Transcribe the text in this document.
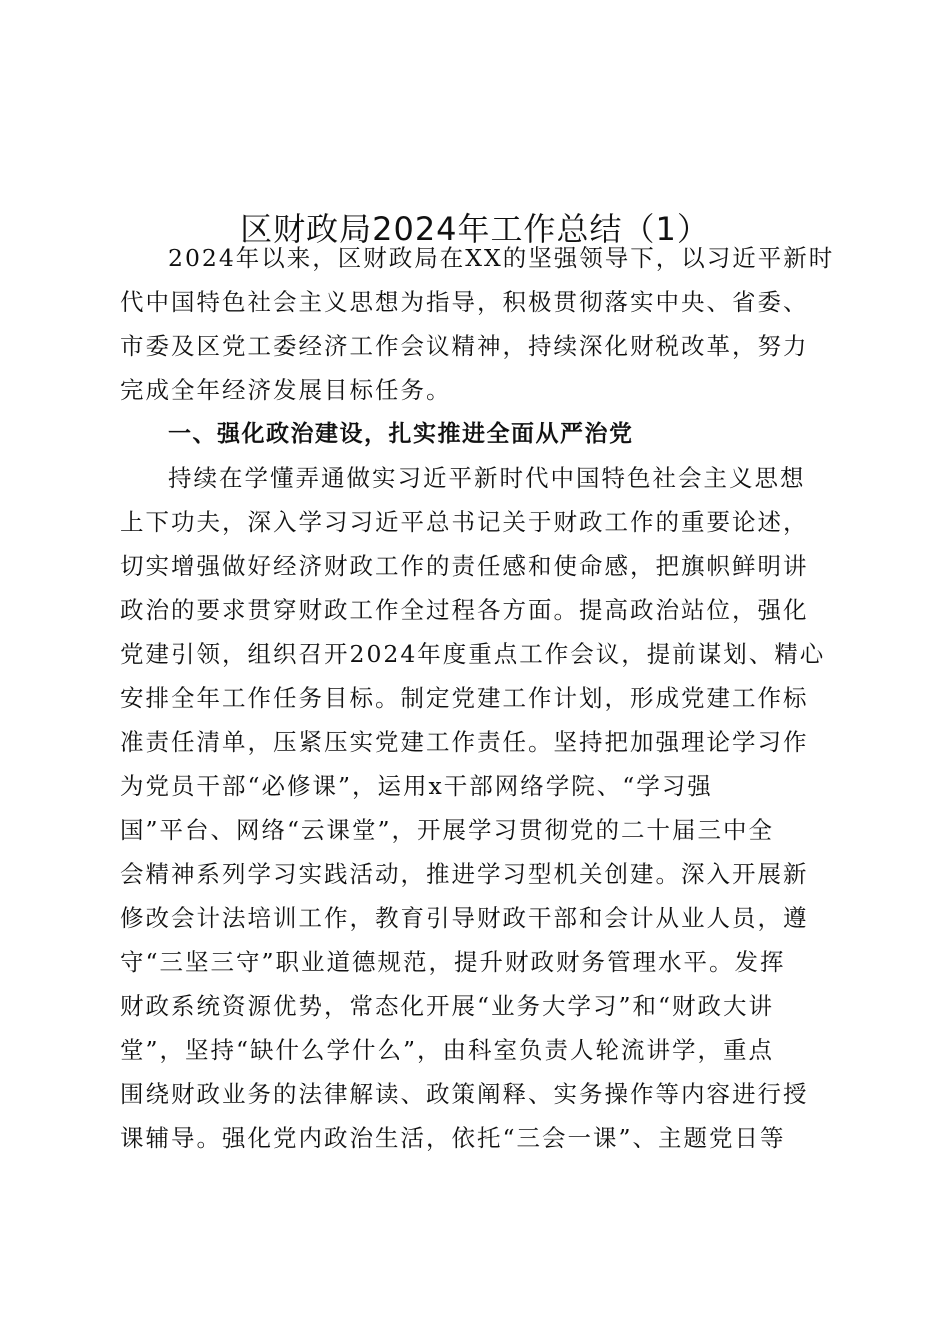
区财政局2024年工作总结（1）

2024年以来，区财政局在XX的坚强领导下，以习近平新时

代中国特色社会主义思想为指导，积极贯彻落实中央、省委、

市委及区党工委经济工作会议精神，持续深化财税改革，努力

完成全年经济发展目标任务。

一、强化政治建设，扎实推进全面从严治党

持续在学懂弄通做实习近平新时代中国特色社会主义思想

上下功夫，深入学习习近平总书记关于财政工作的重要论述，

切实增强做好经济财政工作的责任感和使命感，把旗帜鲜明讲

政治的要求贯穿财政工作全过程各方面。提高政治站位，强化

党建引领，组织召开2024年度重点工作会议，提前谋划、精心

安排全年工作任务目标。制定党建工作计划，形成党建工作标

准责任清单，压紧压实党建工作责任。坚持把加强理论学习作

为党员干部“必修课”，运用x干部网络学院、“学习强

国”平台、网络“云课堂”，开展学习贯彻党的二十届三中全

会精神系列学习实践活动，推进学习型机关创建。深入开展新

修改会计法培训工作，教育引导财政干部和会计从业人员，遵

守“三坚三守”职业道德规范，提升财政财务管理水平。发挥

财政系统资源优势，常态化开展“业务大学习”和“财政大讲

堂”，坚持“缺什么学什么”，由科室负责人轮流讲学，重点

围绕财政业务的法律解读、政策阐释、实务操作等内容进行授

课辅导。强化党内政治生活，依托“三会一课”、主题党日等
